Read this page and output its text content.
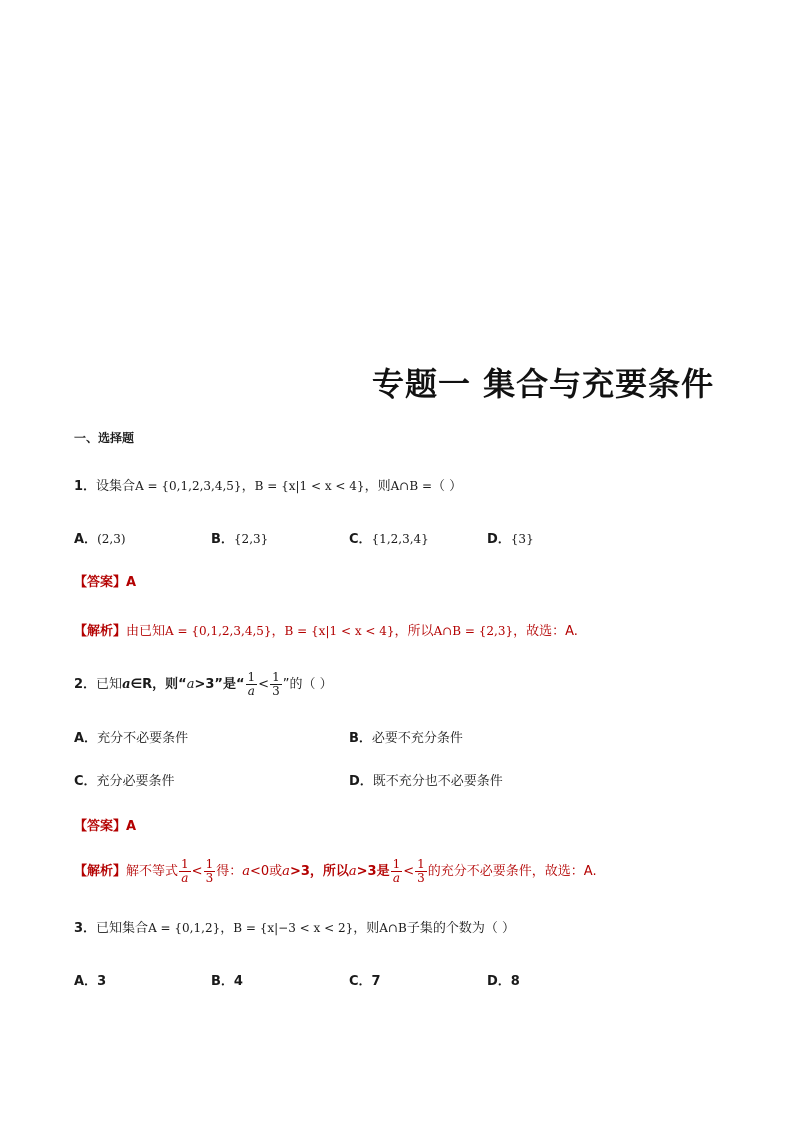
专题一 集合与充要条件
一、选择题
1．设集合A = {0,1,2,3,4,5}，B = {x|1 < x < 4}，则A∩B =（ ）
A．(2,3)	B．{2,3}	C．{1,2,3,4}	D．{3}
【答案】A
【解析】由已知A = {0,1,2,3,4,5}，B = {x|1 < x < 4}，所以A∩B = {2,3}，故选：A.
2．已知a∈R，则“a>3”是“ $\frac{1}{a} < \frac{1}{3}$ ”的（ ）
A．充分不必要条件	B．必要不充分条件
C．充分必要条件	D．既不充分也不必要条件
【答案】A
【解析】解不等式 $\frac{1}{a} < \frac{1}{3}$ 得：a<0或a>3，所以a>3是 $\frac{1}{a} < \frac{1}{3}$ 的充分不必要条件，故选：A.
3．已知集合A = {0,1,2}，B = {x|−3 < x < 2}，则A∩B子集的个数为（ ）
A．3	B．4	C．7	D．8
